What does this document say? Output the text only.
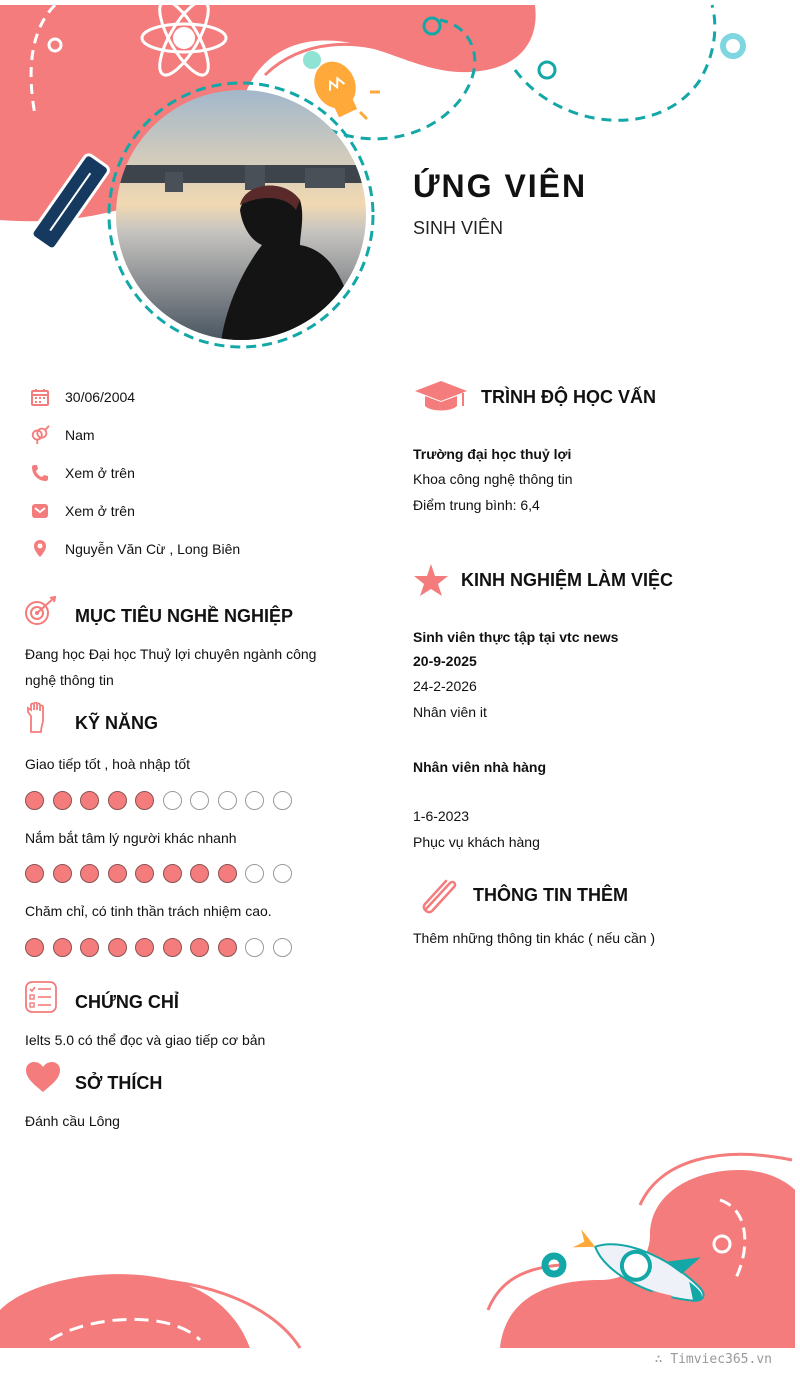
ỨNG VIÊN
SINH VIÊN
30/06/2004
Nam
Xem ở trên
Xem ở trên
Nguyễn Văn Cừ , Long Biên
MỤC TIÊU NGHỀ NGHIỆP
Đang học Đại học Thuỷ lợi chuyên ngành công
nghệ thông tin
KỸ NĂNG
Giao tiếp tốt , hoà nhập tốt
Nắm bắt tâm lý người khác nhanh
Chăm chỉ, có tinh thần trách nhiệm cao.
CHỨNG CHỈ
Ielts 5.0 có thể đọc và giao tiếp cơ bản
SỞ THÍCH
Đánh cầu Lông
TRÌNH ĐỘ HỌC VẤN
Trường đại học thuỷ lợi
Khoa công nghệ thông tin
Điểm trung bình: 6,4
KINH NGHIỆM LÀM VIỆC
Sinh viên thực tập tại vtc news
20-9-2025
24-2-2026
Nhân viên it
Nhân viên nhà hàng
1-6-2023
Phục vụ khách hàng
THÔNG TIN THÊM
Thêm những thông tin khác ( nếu cần )
∴ Timviec365.vn
